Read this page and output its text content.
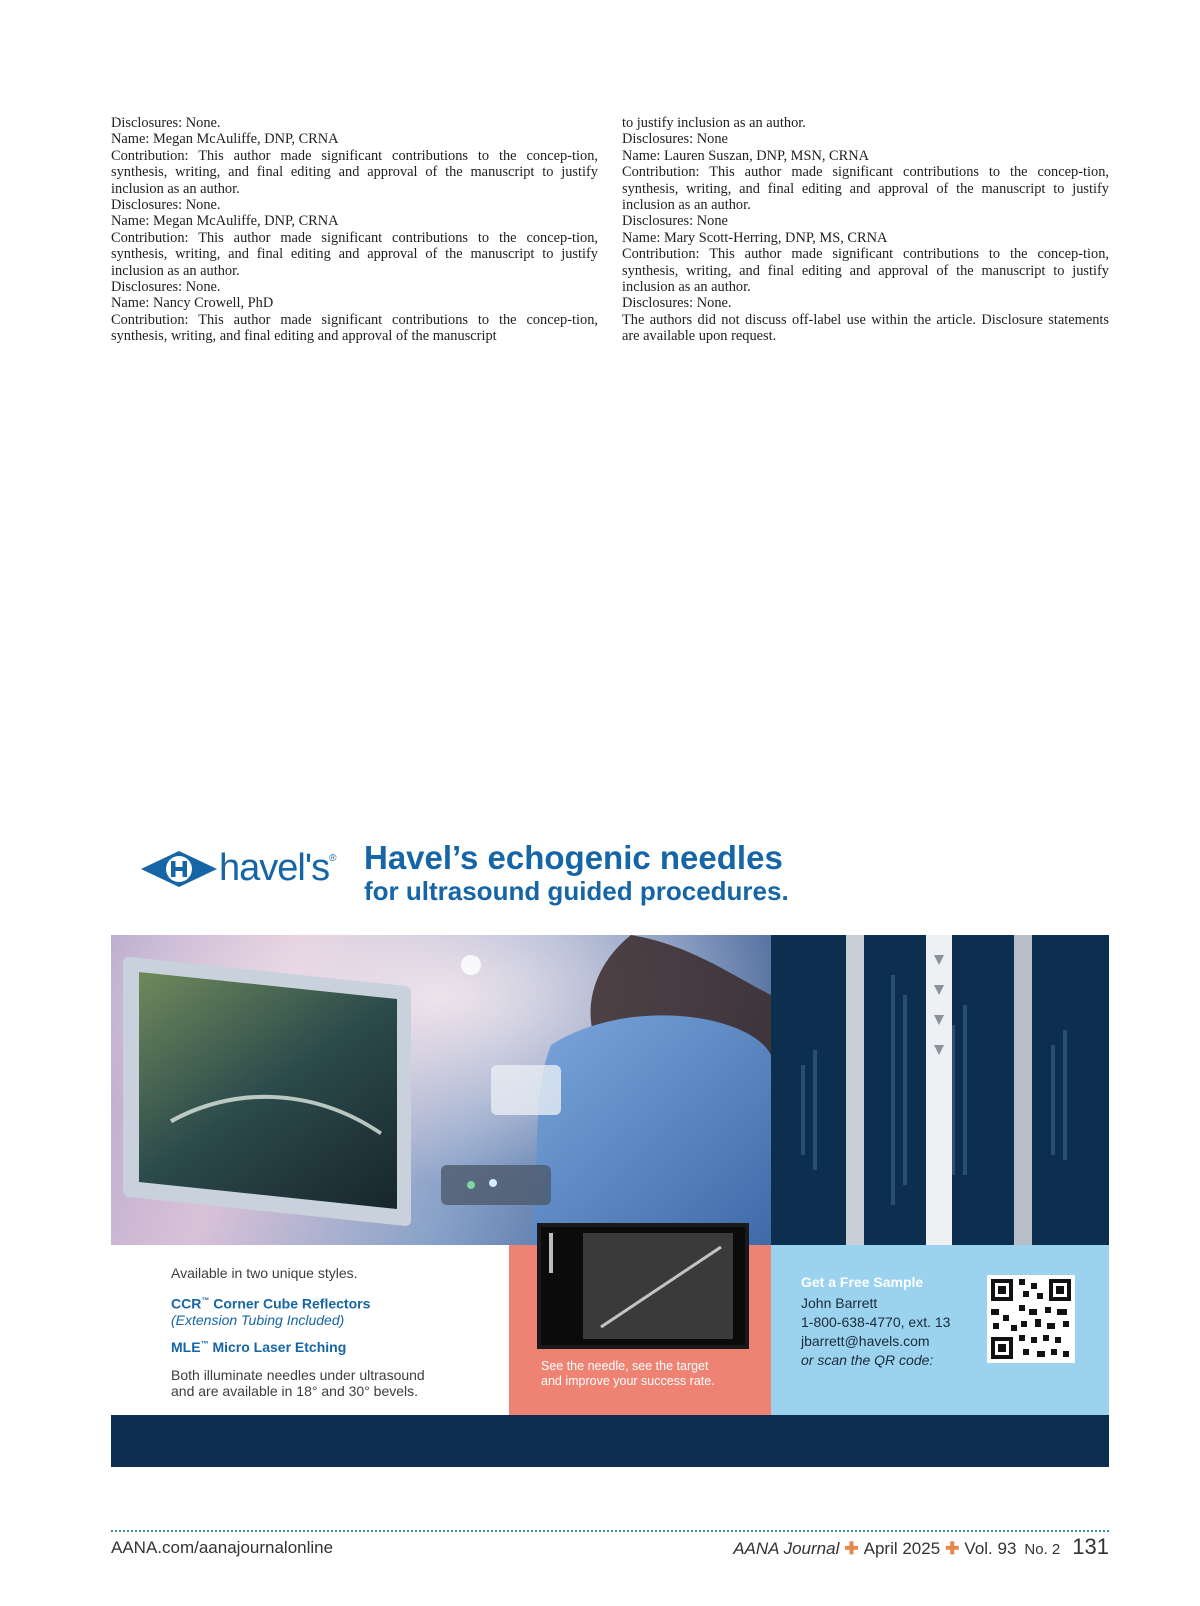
Disclosures: None.

Name: Megan McAuliffe, DNP, CRNA

Contribution: This author made significant contributions to the concep-tion, synthesis, writing, and final editing and approval of the manuscript to justify inclusion as an author.

Disclosures: None.

Name: Megan McAuliffe, DNP, CRNA

Contribution: This author made significant contributions to the concep-tion, synthesis, writing, and final editing and approval of the manuscript to justify inclusion as an author.

Disclosures: None.

Name: Nancy Crowell, PhD

Contribution: This author made significant contributions to the concep-tion, synthesis, writing, and final editing and approval of the manuscript

to justify inclusion as an author.

Disclosures: None

Name: Lauren Suszan, DNP, MSN, CRNA

Contribution: This author made significant contributions to the concep-tion, synthesis, writing, and final editing and approval of the manuscript to justify inclusion as an author.

Disclosures: None

Name: Mary Scott-Herring, DNP, MS, CRNA

Contribution: This author made significant contributions to the concep-tion, synthesis, writing, and final editing and approval of the manuscript to justify inclusion as an author.

Disclosures: None.

The authors did not discuss off-label use within the article. Disclosure statements are available upon request.

havel's® Havel’s echogenic needles
for ultrasound guided procedures.
Available in two unique styles.
CCR™ Corner Cube Reflectors
(Extension Tubing Included)
MLE™ Micro Laser Etching
Both illuminate needles under ultrasound
and are available in 18° and 30° bevels.
See the needle, see the target
and improve your success rate.
Get a Free Sample
John Barrett
1-800-638-4770, ext. 13
jbarrett@havels.com
or scan the QR code:
AANA.com/aanajournalonline	AANA Journal ✚ April 2025 ✚ Vol. 93 No. 2 131
